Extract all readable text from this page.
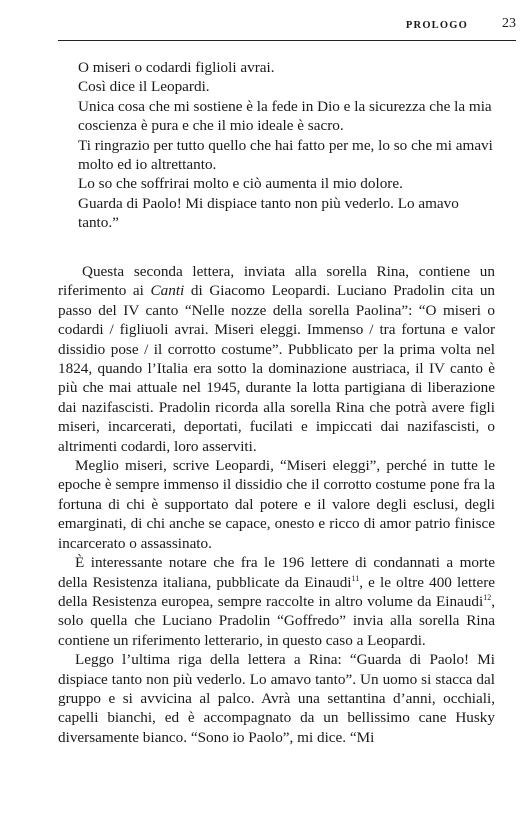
PROLOGO 23

O miseri o codardi figlioli avrai.

Così dice il Leopardi.

Unica cosa che mi sostiene è la fede in Dio e la sicurezza che la mia coscienza è pura e che il mio ideale è sacro.

Ti ringrazio per tutto quello che hai fatto per me, lo so che mi amavi molto ed io altrettanto.

Lo so che soffrirai molto e ciò aumenta il mio dolore.

Guarda di Paolo! Mi dispiace tanto non più vederlo. Lo amavo tanto.”

Questa seconda lettera, inviata alla sorella Rina, contiene un riferimento ai Canti di Giacomo Leopardi. Luciano Pradolin cita un passo del IV canto “Nelle nozze della sorella Paolina”: “O miseri o codardi / figliuoli avrai. Miseri eleggi. Immenso / tra fortuna e valor dissidio pose / il corrotto costume”. Pubblicato per la prima volta nel 1824, quando l’Italia era sotto la dominazione austriaca, il IV canto è più che mai attuale nel 1945, durante la lotta partigiana di liberazione dai nazifascisti. Pradolin ricorda alla sorella Rina che potrà avere figli miseri, incarcerati, deportati, fucilati e impiccati dai nazifascisti, o altrimenti codardi, loro asserviti.

Meglio miseri, scrive Leopardi, “Miseri eleggi”, perché in tutte le epoche è sempre immenso il dissidio che il corrotto costume pone fra la fortuna di chi è supportato dal potere e il valore degli esclusi, degli emarginati, di chi anche se capace, onesto e ricco di amor patrio finisce incarcerato o assassinato.

È interessante notare che fra le 196 lettere di condannati a morte della Resistenza italiana, pubblicate da Einaudi$^{11}$, e le oltre 400 lettere della Resistenza europea, sempre raccolte in altro volume da Einaudi$^{12}$, solo quella che Luciano Pradolin “Goffredo” invia alla sorella Rina contiene un riferimento letterario, in questo caso a Leopardi.

Leggo l’ultima riga della lettera a Rina: “Guarda di Paolo! Mi dispiace tanto non più vederlo. Lo amavo tanto”. Un uomo si stacca dal gruppo e si avvicina al palco. Avrà una settantina d’anni, occhiali, capelli bianchi, ed è accompagnato da un bellissimo cane Husky diversamente bianco. “Sono io Paolo”, mi dice. “Mi
